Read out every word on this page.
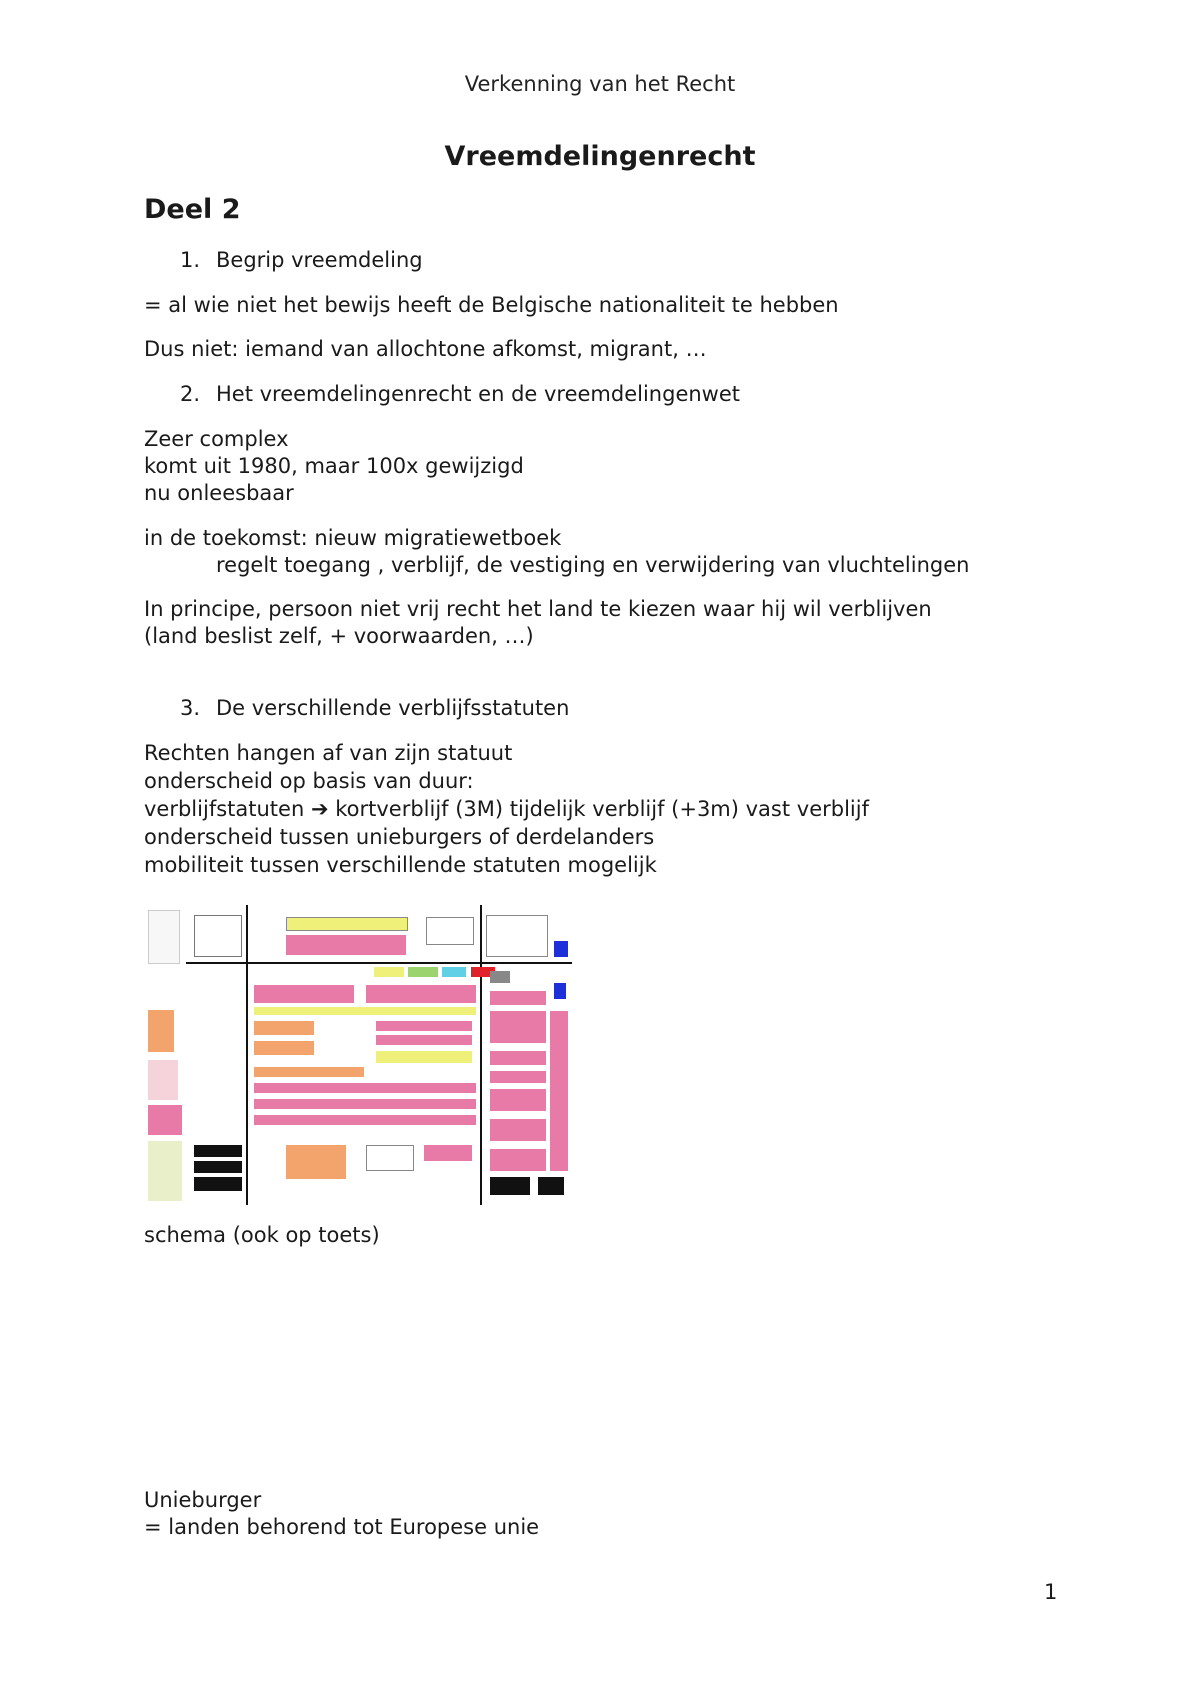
Verkenning van het Recht
Vreemdelingenrecht
Deel 2
1. Begrip vreemdeling
= al wie niet het bewijs heeft de Belgische nationaliteit te hebben
Dus niet: iemand van allochtone afkomst, migrant, …
2. Het vreemdelingenrecht en de vreemdelingenwet
Zeer complex
komt uit 1980, maar 100x gewijzigd
nu onleesbaar
in de toekomst: nieuw migratiewetboek
regelt toegang , verblijf, de vestiging en verwijdering van vluchtelingen
In principe, persoon niet vrij recht het land te kiezen waar hij wil verblijven
(land beslist zelf, + voorwaarden, …)
3. De verschillende verblijfsstatuten
Rechten hangen af van zijn statuut
onderscheid op basis van duur:
verblijfstatuten ➔ kortverblijf (3M) tijdelijk verblijf (+3m) vast verblijf
onderscheid tussen unieburgers of derdelanders
mobiliteit tussen verschillende statuten mogelijk
schema (ook op toets)
Unieburger
= landen behorend tot Europese unie
1
